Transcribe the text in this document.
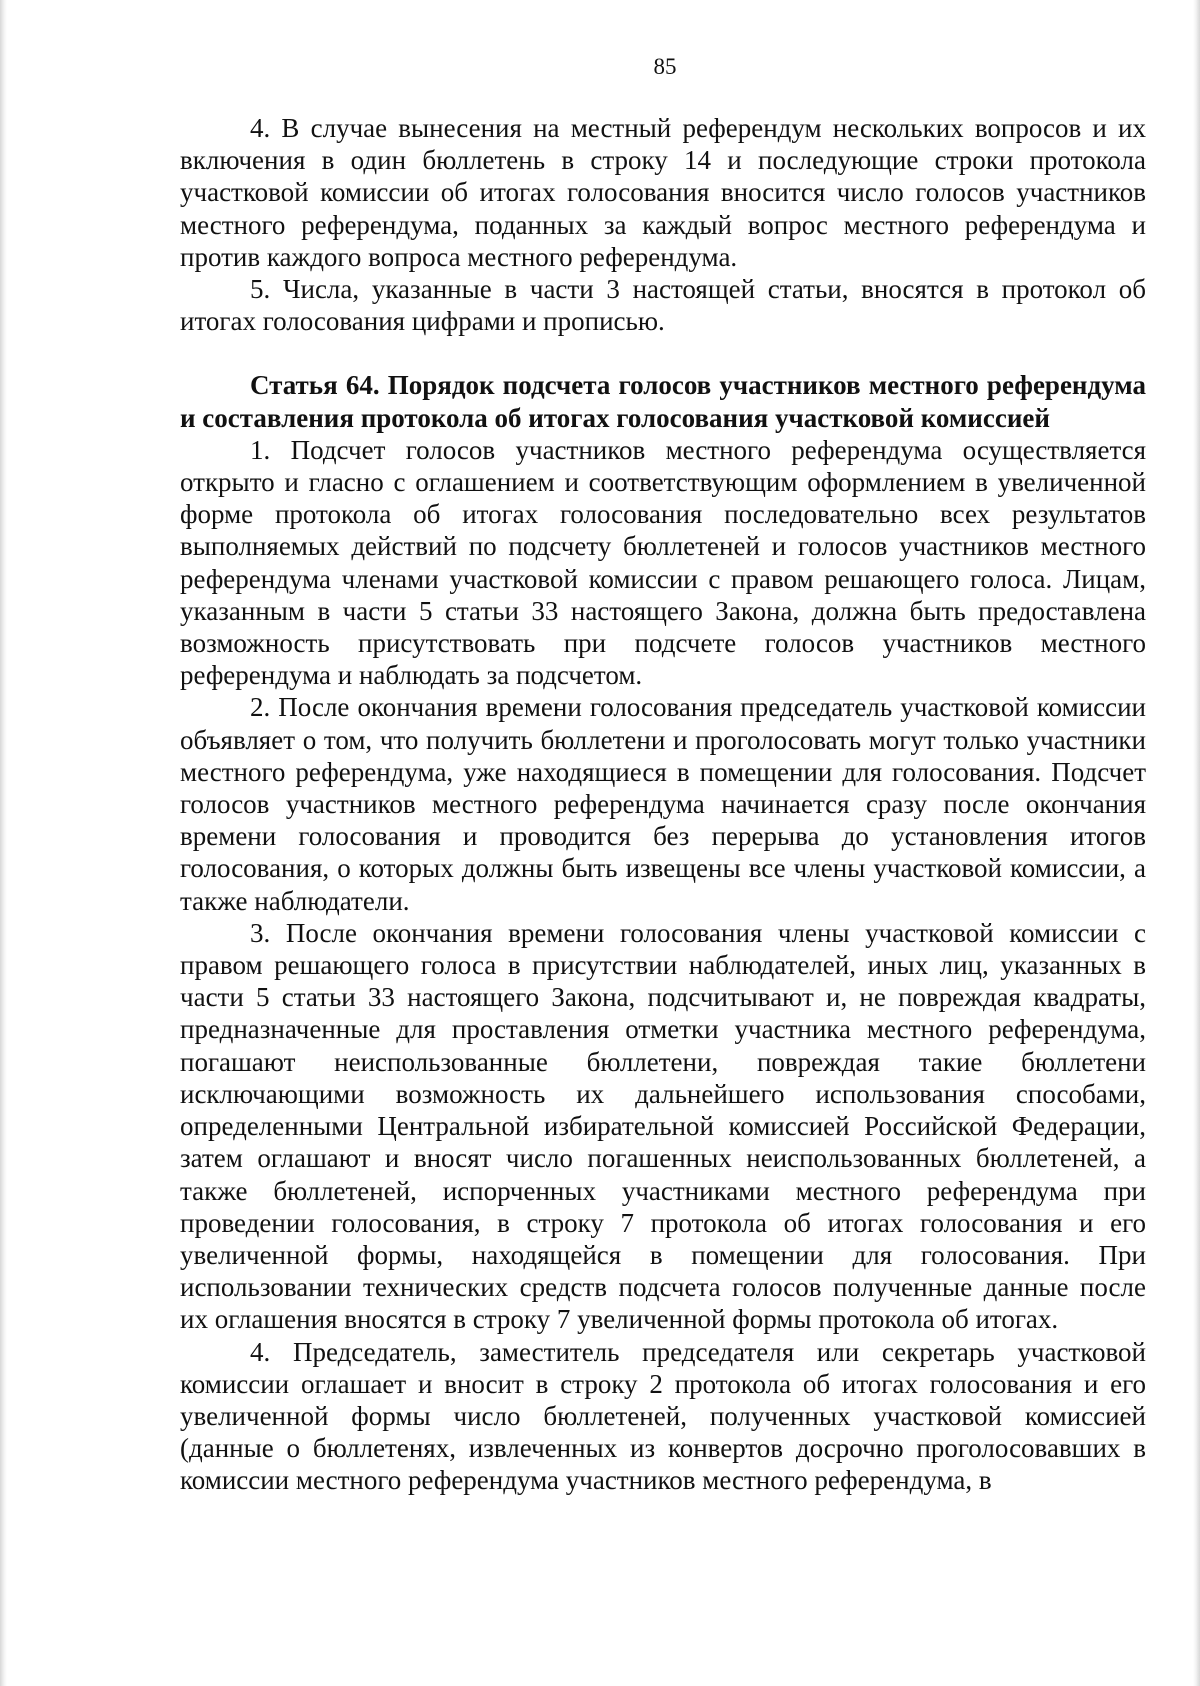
85

4. В случае вынесения на местный референдум нескольких вопросов и их включения в один бюллетень в строку 14 и последующие строки протокола участковой комиссии об итогах голосования вносится число голосов участников местного референдума, поданных за каждый вопрос местного референдума и против каждого вопроса местного референдума.

5. Числа, указанные в части 3 настоящей статьи, вносятся в протокол об итогах голосования цифрами и прописью.

Статья 64. Порядок подсчета голосов участников местного референдума и составления протокола об итогах голосования участковой комиссией

1. Подсчет голосов участников местного референдума осуществляется открыто и гласно с оглашением и соответствующим оформлением в увеличенной форме протокола об итогах голосования последовательно всех результатов выполняемых действий по подсчету бюллетеней и голосов участников местного референдума членами участковой комиссии с правом решающего голоса. Лицам, указанным в части 5 статьи 33 настоящего Закона, должна быть предоставлена возможность присутствовать при подсчете голосов участников местного референдума и наблюдать за подсчетом.

2. После окончания времени голосования председатель участковой комиссии объявляет о том, что получить бюллетени и проголосовать могут только участники местного референдума, уже находящиеся в помещении для голосования. Подсчет голосов участников местного референдума начинается сразу после окончания времени голосования и проводится без перерыва до установления итогов голосования, о которых должны быть извещены все члены участковой комиссии, а также наблюдатели.

3. После окончания времени голосования члены участковой комиссии с правом решающего голоса в присутствии наблюдателей, иных лиц, указанных в части 5 статьи 33 настоящего Закона, подсчитывают и, не повреждая квадраты, предназначенные для проставления отметки участника местного референдума, погашают неиспользованные бюллетени, повреждая такие бюллетени исключающими возможность их дальнейшего использования способами, определенными Центральной избирательной комиссией Российской Федерации, затем оглашают и вносят число погашенных неиспользованных бюллетеней, а также бюллетеней, испорченных участниками местного референдума при проведении голосования, в строку 7 протокола об итогах голосования и его увеличенной формы, находящейся в помещении для голосования. При использовании технических средств подсчета голосов полученные данные после их оглашения вносятся в строку 7 увеличенной формы протокола об итогах.

4. Председатель, заместитель председателя или секретарь участковой комиссии оглашает и вносит в строку 2 протокола об итогах голосования и его увеличенной формы число бюллетеней, полученных участковой комиссией (данные о бюллетенях, извлеченных из конвертов досрочно проголосовавших в комиссии местного референдума участников местного референдума, в
